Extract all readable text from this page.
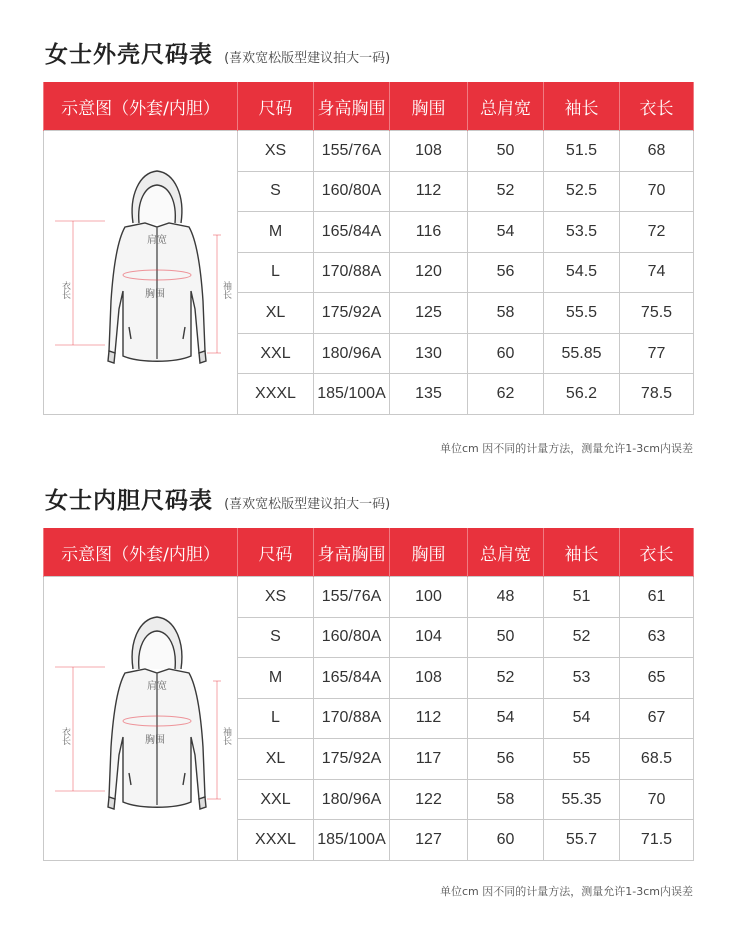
女士外壳尺码表 (喜欢宽松版型建议拍大一码)
示意图（外套/内胆）	尺码	身高胸围	胸围	总肩宽	袖长	衣长

肩宽
胸围
衣长 袖长	XS	155/76A	108	50	51.5	68
	S	160/80A	112	52	52.5	70
	M	165/84A	116	54	53.5	72
	L	170/88A	120	56	54.5	74
	XL	175/92A	125	58	55.5	75.5
	XXL	180/96A	130	60	55.85	77
	XXXL	185/100A	135	62	56.2	78.5
单位cm 因不同的计量方法，测量允许1-3cm内误差
女士内胆尺码表 (喜欢宽松版型建议拍大一码)
示意图（外套/内胆）	尺码	身高胸围	胸围	总肩宽	袖长	衣长

肩宽
胸围
衣长 袖长	XS	155/76A	100	48	51	61
	S	160/80A	104	50	52	63
	M	165/84A	108	52	53	65
	L	170/88A	112	54	54	67
	XL	175/92A	117	56	55	68.5
	XXL	180/96A	122	58	55.35	70
	XXXL	185/100A	127	60	55.7	71.5
单位cm 因不同的计量方法，测量允许1-3cm内误差
